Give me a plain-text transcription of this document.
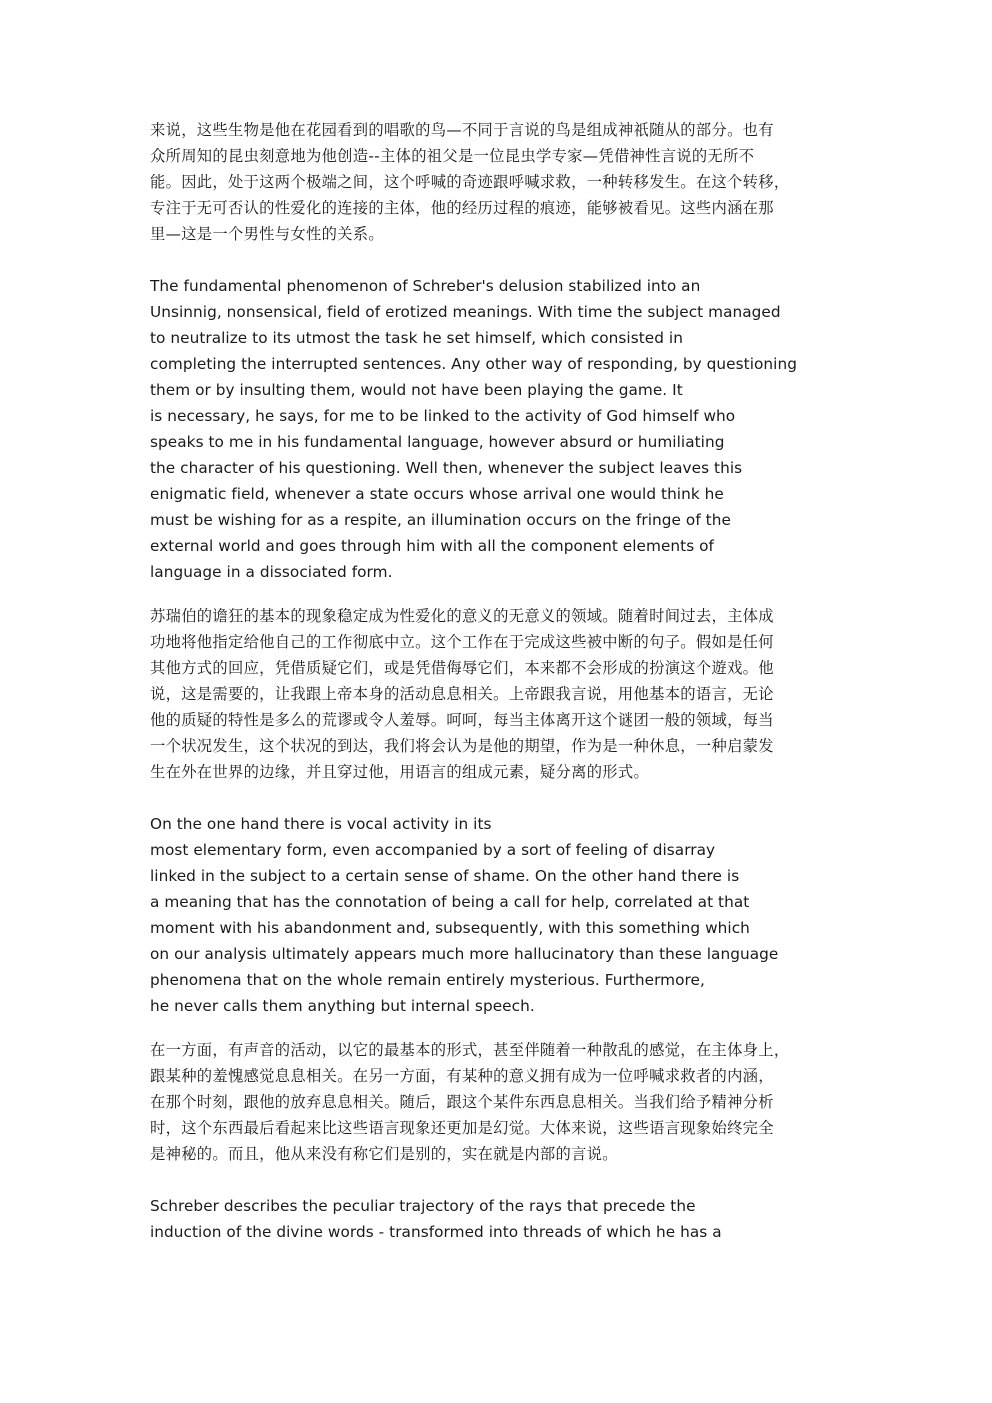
来说，这些生物是他在花园看到的唱歌的鸟—不同于言说的鸟是组成神祇随从的部分。也有
众所周知的昆虫刻意地为他创造--主体的祖父是一位昆虫学专家—凭借神性言说的无所不
能。因此，处于这两个极端之间，这个呼喊的奇迹跟呼喊求救，一种转移发生。在这个转移，
专注于无可否认的性爱化的连接的主体，他的经历过程的痕迹，能够被看见。这些内涵在那
里—这是一个男性与女性的关系。

The fundamental phenomenon of Schreber's delusion stabilized into an
Unsinnig, nonsensical, field of erotized meanings. With time the subject managed
to neutralize to its utmost the task he set himself, which consisted in
completing the interrupted sentences. Any other way of responding, by questioning
them or by insulting them, would not have been playing the game. It
is necessary, he says, for me to be linked to the activity of God himself who
speaks to me in his fundamental language, however absurd or humiliating
the character of his questioning. Well then, whenever the subject leaves this
enigmatic field, whenever a state occurs whose arrival one would think he
must be wishing for as a respite, an illumination occurs on the fringe of the
external world and goes through him with all the component elements of
language in a dissociated form.

苏瑞伯的谵狂的基本的现象稳定成为性爱化的意义的无意义的领域。随着时间过去，主体成
功地将他指定给他自己的工作彻底中立。这个工作在于完成这些被中断的句子。假如是任何
其他方式的回应，凭借质疑它们，或是凭借侮辱它们，本来都不会形成的扮演这个遊戏。他
说，这是需要的，让我跟上帝本身的活动息息相关。上帝跟我言说，用他基本的语言，无论
他的质疑的特性是多么的荒谬或令人羞辱。呵呵，每当主体离开这个谜团一般的领域，每当
一个状况发生，这个状况的到达，我们将会认为是他的期望，作为是一种休息，一种启蒙发
生在外在世界的边缘，并且穿过他，用语言的组成元素，疑分离的形式。

On the one hand there is vocal activity in its
most elementary form, even accompanied by a sort of feeling of disarray
linked in the subject to a certain sense of shame. On the other hand there is
a meaning that has the connotation of being a call for help, correlated at that
moment with his abandonment and, subsequently, with this something which
on our analysis ultimately appears much more hallucinatory than these language
phenomena that on the whole remain entirely mysterious. Furthermore,
he never calls them anything but internal speech.

在一方面，有声音的活动，以它的最基本的形式，甚至伴随着一种散乱的感觉，在主体身上，
跟某种的羞愧感觉息息相关。在另一方面，有某种的意义拥有成为一位呼喊求救者的内涵，
在那个时刻，跟他的放弃息息相关。随后，跟这个某件东西息息相关。当我们给予精神分析
时，这个东西最后看起来比这些语言现象还更加是幻觉。大体来说，这些语言现象始终完全
是神秘的。而且，他从来没有称它们是别的，实在就是内部的言说。

Schreber describes the peculiar trajectory of the rays that precede the
induction of the divine words - transformed into threads of which he has a
